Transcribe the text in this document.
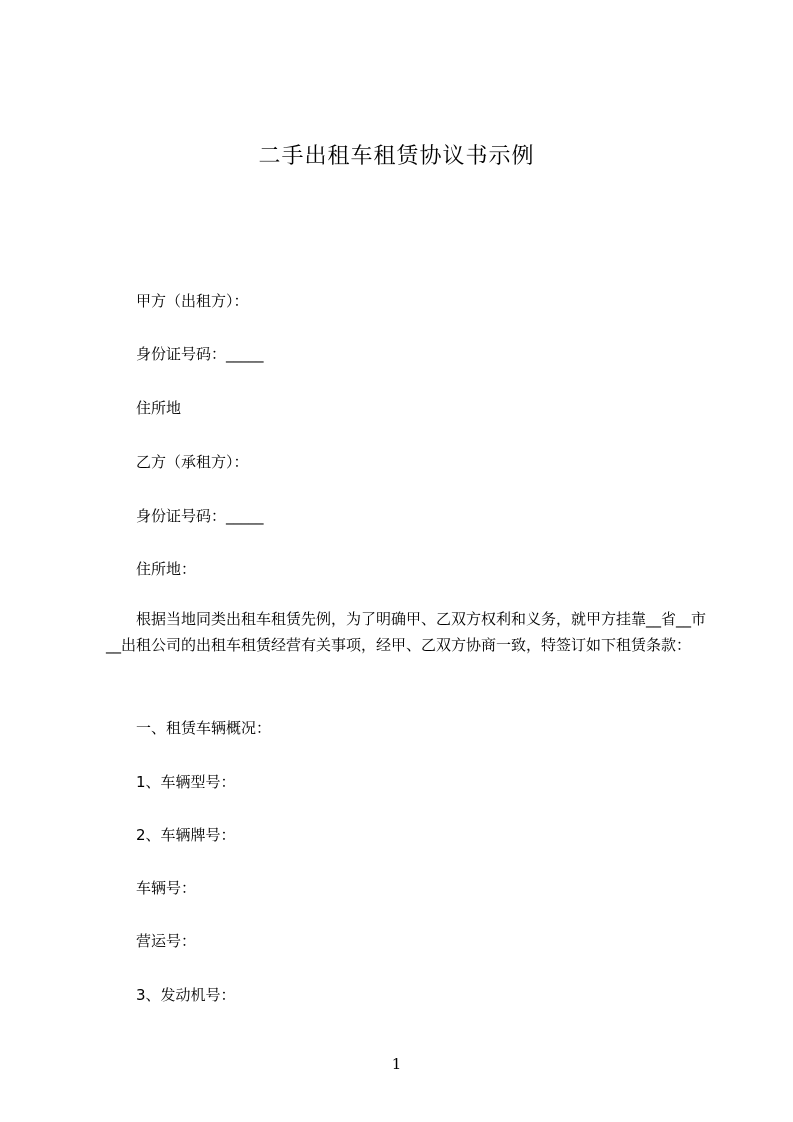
二手出租车租赁协议书示例
甲方（出租方）：
身份证号码：_____
住所地
乙方（承租方）：
身份证号码：_____
住所地：
根据当地同类出租车租赁先例，为了明确甲、乙双方权利和义务，就甲方挂靠__省__市__出租公司的出租车租赁经营有关事项，经甲、乙双方协商一致，特签订如下租赁条款：
一、租赁车辆概况：
1、车辆型号：
2、车辆牌号：
车辆号：
营运号：
3、发动机号：
1
